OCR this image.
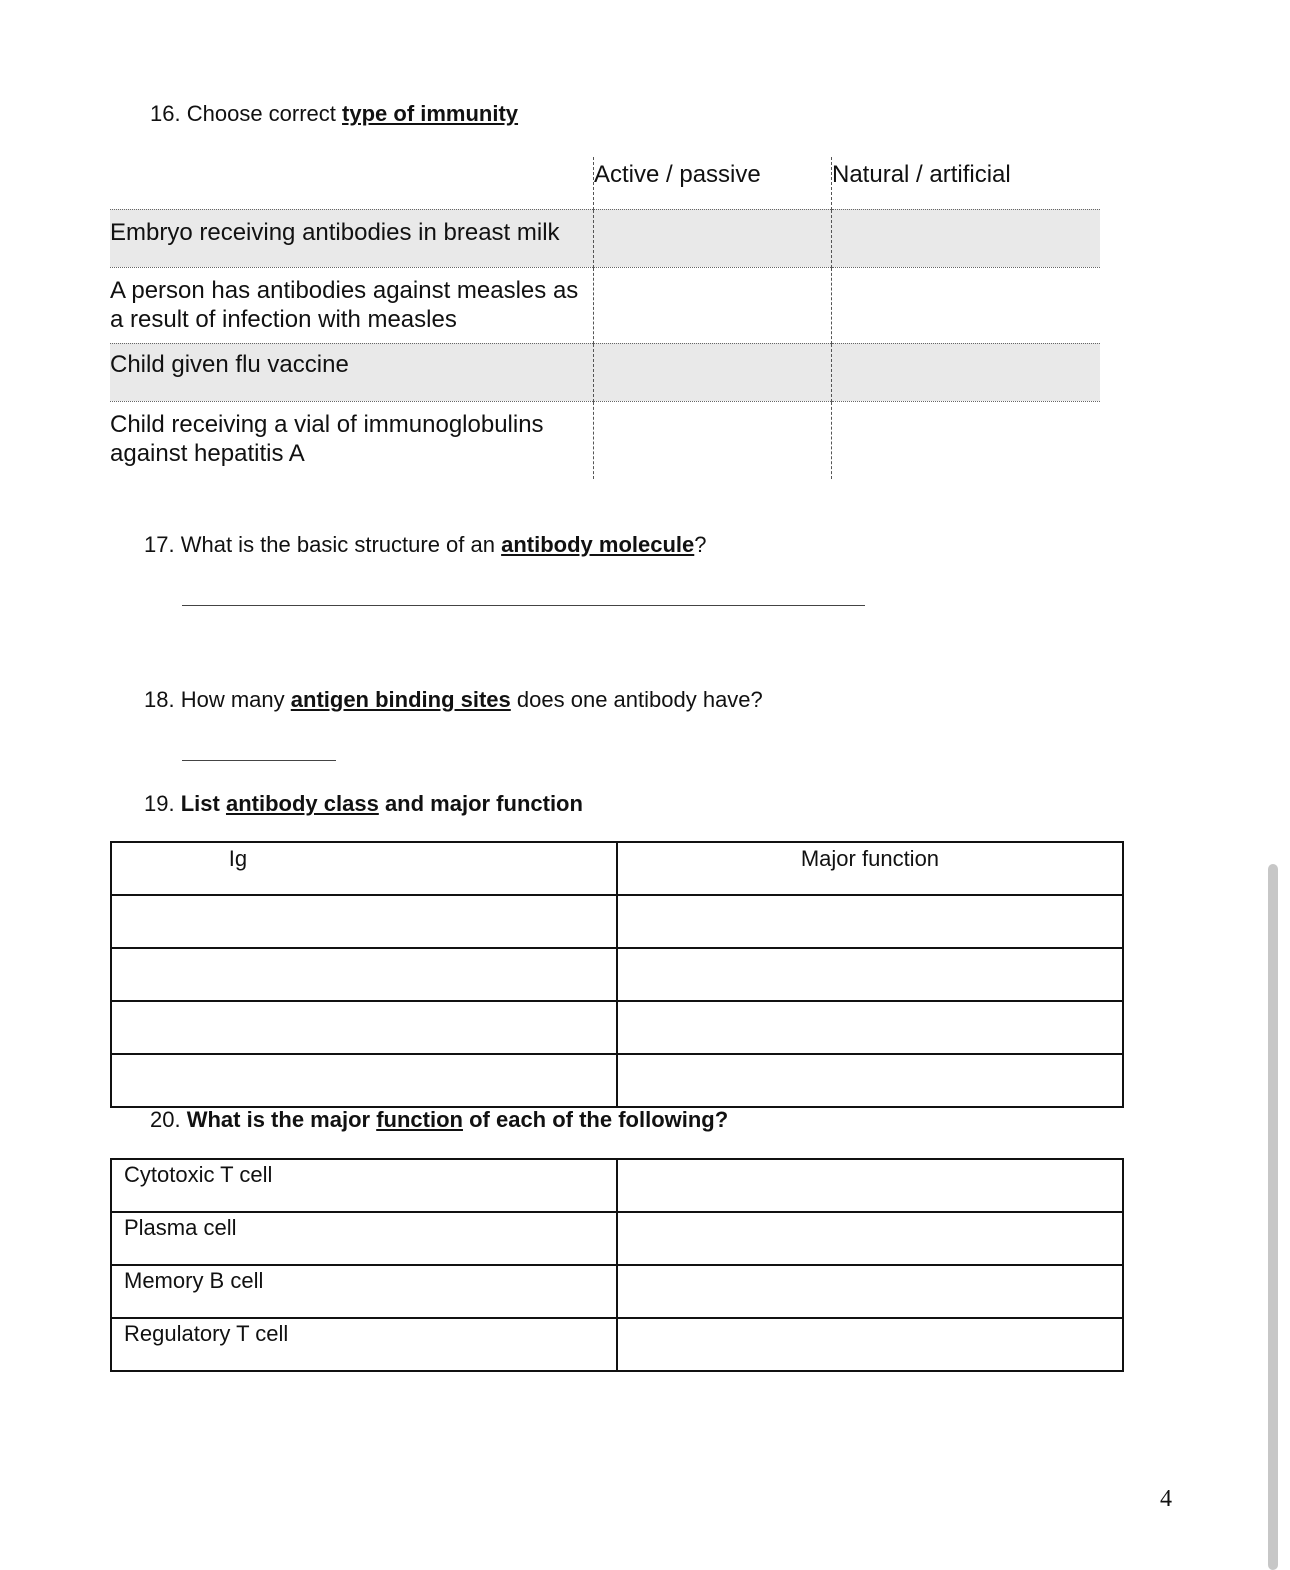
16. Choose correct type of immunity
	Active / passive	Natural / artificial

Embryo receiving antibodies in breast milk		

A person has antibodies against measles as a result of infection with measles		

Child given flu vaccine		

Child receiving a vial of immunoglobulins against hepatitis A		

17. What is the basic structure of an antibody molecule?
18. How many antigen binding sites does one antibody have?
19. List antibody class and major function
Ig	Major function

20. What is the major function of each of the following?
Cytotoxic T cell	
Plasma cell	
Memory B cell	
Regulatory T cell	
4
